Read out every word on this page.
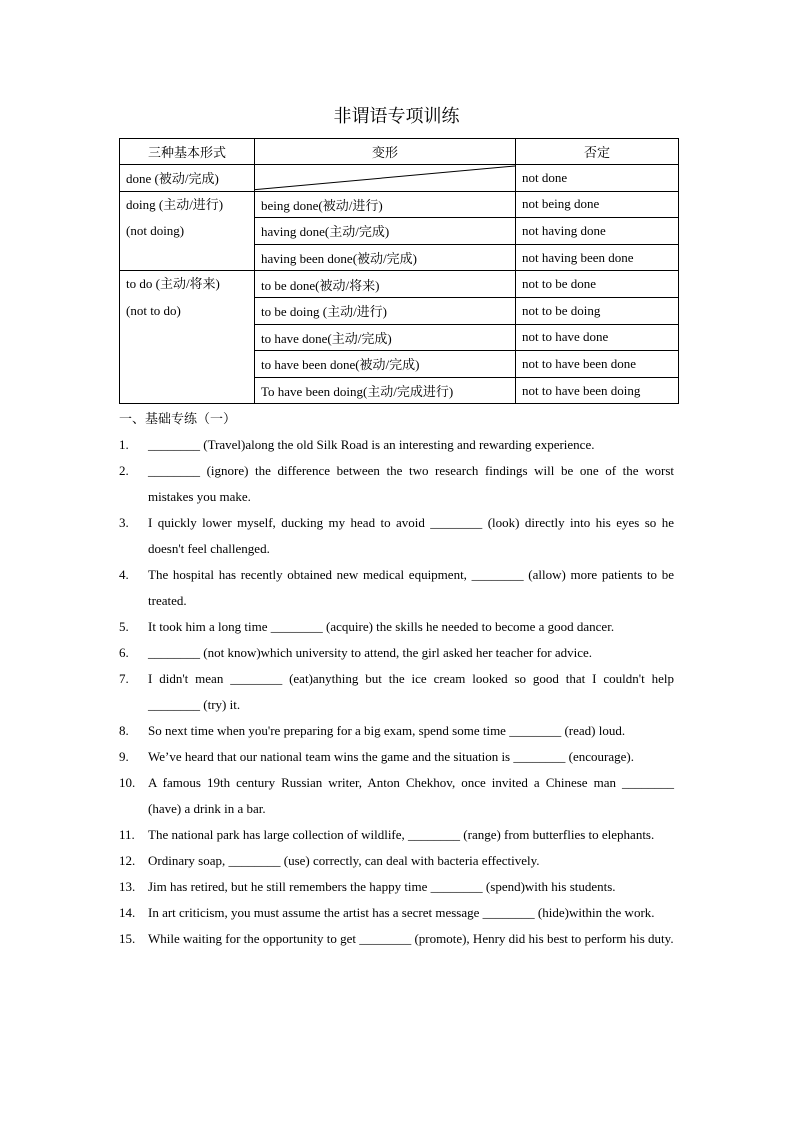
非谓语专项训练
三种基本形式	变形	否定
done (被动/完成)		not done

doing (主动/进行)
(not doing)	being done(被动/进行)	not being done
	having done(主动/完成)	not having done
	having been done(被动/完成)	not having been done

to do (主动/将来)
(not to do)	to be done(被动/将来)	not to be done
	to be doing (主动/进行)	not to be doing
	to have done(主动/完成)	not to have done
	to have been done(被动/完成)	not to have been done
	To have been doing(主动/完成进行)	not to have been doing
一、基础专练（一）
1.	________ (Travel)along the old Silk Road is an interesting and rewarding experience.
2.	________ (ignore) the difference between the two research findings will be one of the worst mistakes you make.
3.	I quickly lower myself, ducking my head to avoid ________ (look) directly into his eyes so he doesn't feel challenged.
4.	The hospital has recently obtained new medical equipment, ________ (allow) more patients to be treated.
5.	It took him a long time ________ (acquire) the skills he needed to become a good dancer.
6.	________ (not know)which university to attend, the girl asked her teacher for advice.
7.	I didn't mean ________ (eat)anything but the ice cream looked so good that I couldn't help ________ (try) it.
8.	So next time when you're preparing for a big exam, spend some time ________ (read) loud.
9.	We’ve heard that our national team wins the game and the situation is ________ (encourage).
10. A famous 19th century Russian writer, Anton Chekhov, once invited a Chinese man ________ (have) a drink in a bar.
11.	The national park has large collection of wildlife, ________ (range) from butterflies to elephants.
12. Ordinary soap, ________ (use) correctly, can deal with bacteria effectively.
13. Jim has retired, but he still remembers the happy time ________ (spend)with his students.
14. In art criticism, you must assume the artist has a secret message ________ (hide)within the work.
15. While waiting for the opportunity to get ________ (promote), Henry did his best to perform his duty.
